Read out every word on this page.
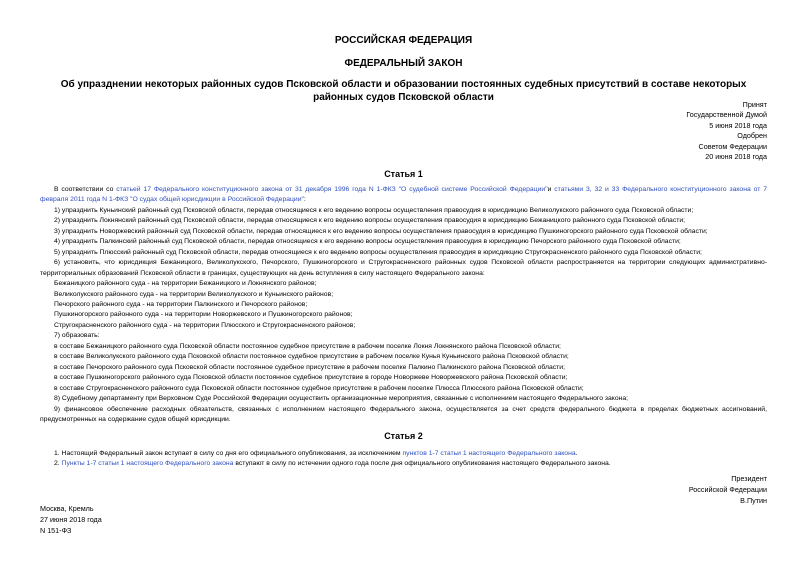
РОССИЙСКАЯ ФЕДЕРАЦИЯ
ФЕДЕРАЛЬНЫЙ ЗАКОН
Об упразднении некоторых районных судов Псковской области и образовании постоянных судебных присутствий в составе некоторых районных судов Псковской области
Принят
Государственной Думой
5 июня 2018 года
Одобрен
Советом Федерации
20 июня 2018 года
Статья 1

В соответствии со статьей 17 Федерального конституционного закона от 31 декабря 1996 года N 1-ФКЗ "О судебной системе Российской Федерации"и статьями 3, 32 и 33 Федерального конституционного закона от 7 февраля 2011 года N 1-ФКЗ "О судах общей юрисдикции в Российской Федерации":

1) упразднить Куньинский районный суд Псковской области, передав относящиеся к его ведению вопросы осуществления правосудия в юрисдикцию Великолукского районного суда Псковской области;

2) упразднить Локнянский районный суд Псковской области, передав относящиеся к его ведению вопросы осуществления правосудия в юрисдикцию Бежаницкого районного суда Псковской области;

3) упразднить Новоржевский районный суд Псковской области, передав относящиеся к его ведению вопросы осуществления правосудия в юрисдикцию Пушкиногорского районного суда Псковской области;

4) упразднить Палкинский районный суд Псковской области, передав относящиеся к его ведению вопросы осуществления правосудия в юрисдикцию Печорского районного суда Псковской области;

5) упразднить Плюсский районный суд Псковской области, передав относящиеся к его ведению вопросы осуществления правосудия в юрисдикцию Стругокрасненского районного суда Псковской области;

6) установить, что юрисдикция Бежаницкого, Великолукского, Печорского, Пушкиногорского и Стругокрасненского районных судов Псковской области распространяется на территории следующих административно-территориальных образований Псковской области в границах, существующих на день вступления в силу настоящего Федерального закона:

Бежаницкого районного суда - на территории Бежаницкого и Локнянского районов;

Великолукского районного суда - на территории Великолукского и Куньинского районов;

Печорского районного суда - на территории Палкинского и Печорского районов;

Пушкиногорского районного суда - на территории Новоржевского и Пушкиногорского районов;

Стругокрасненского районного суда - на территории Плюсского и Стругокрасненского районов;

7) образовать:

в составе Бежаницкого районного суда Псковской области постоянное судебное присутствие в рабочем поселке Локня Локнянского района Псковской области;

в составе Великолукского районного суда Псковской области постоянное судебное присутствие в рабочем поселке Кунья Куньинского района Псковской области;

в составе Печорского районного суда Псковской области постоянное судебное присутствие в рабочем поселке Палкино Палкинского района Псковской области;

в составе Пушкиногорского районного суда Псковской области постоянное судебное присутствие в городе Новоржеве Новоржевского района Псковской области;

в составе Стругокрасненского районного суда Псковской области постоянное судебное присутствие в рабочем поселке Плюсса Плюсского района Псковской области;

8) Судебному департаменту при Верховном Суде Российской Федерации осуществить организационные мероприятия, связанные с исполнением настоящего Федерального закона;

9) финансовое обеспечение расходных обязательств, связанных с исполнением настоящего Федерального закона, осуществляется за счет средств федерального бюджета в пределах бюджетных ассигнований, предусмотренных на содержание судов общей юрисдикции.

Статья 2

1. Настоящий Федеральный закон вступает в силу со дня его официального опубликования, за исключением пунктов 1-7 статьи 1 настоящего Федерального закона.

2. Пункты 1-7 статьи 1 настоящего Федерального закона вступают в силу по истечении одного года после дня официального опубликования настоящего Федерального закона.

Президент
Российской Федерации
В.Путин
Москва, Кремль
27 июня 2018 года
N 151-ФЗ
